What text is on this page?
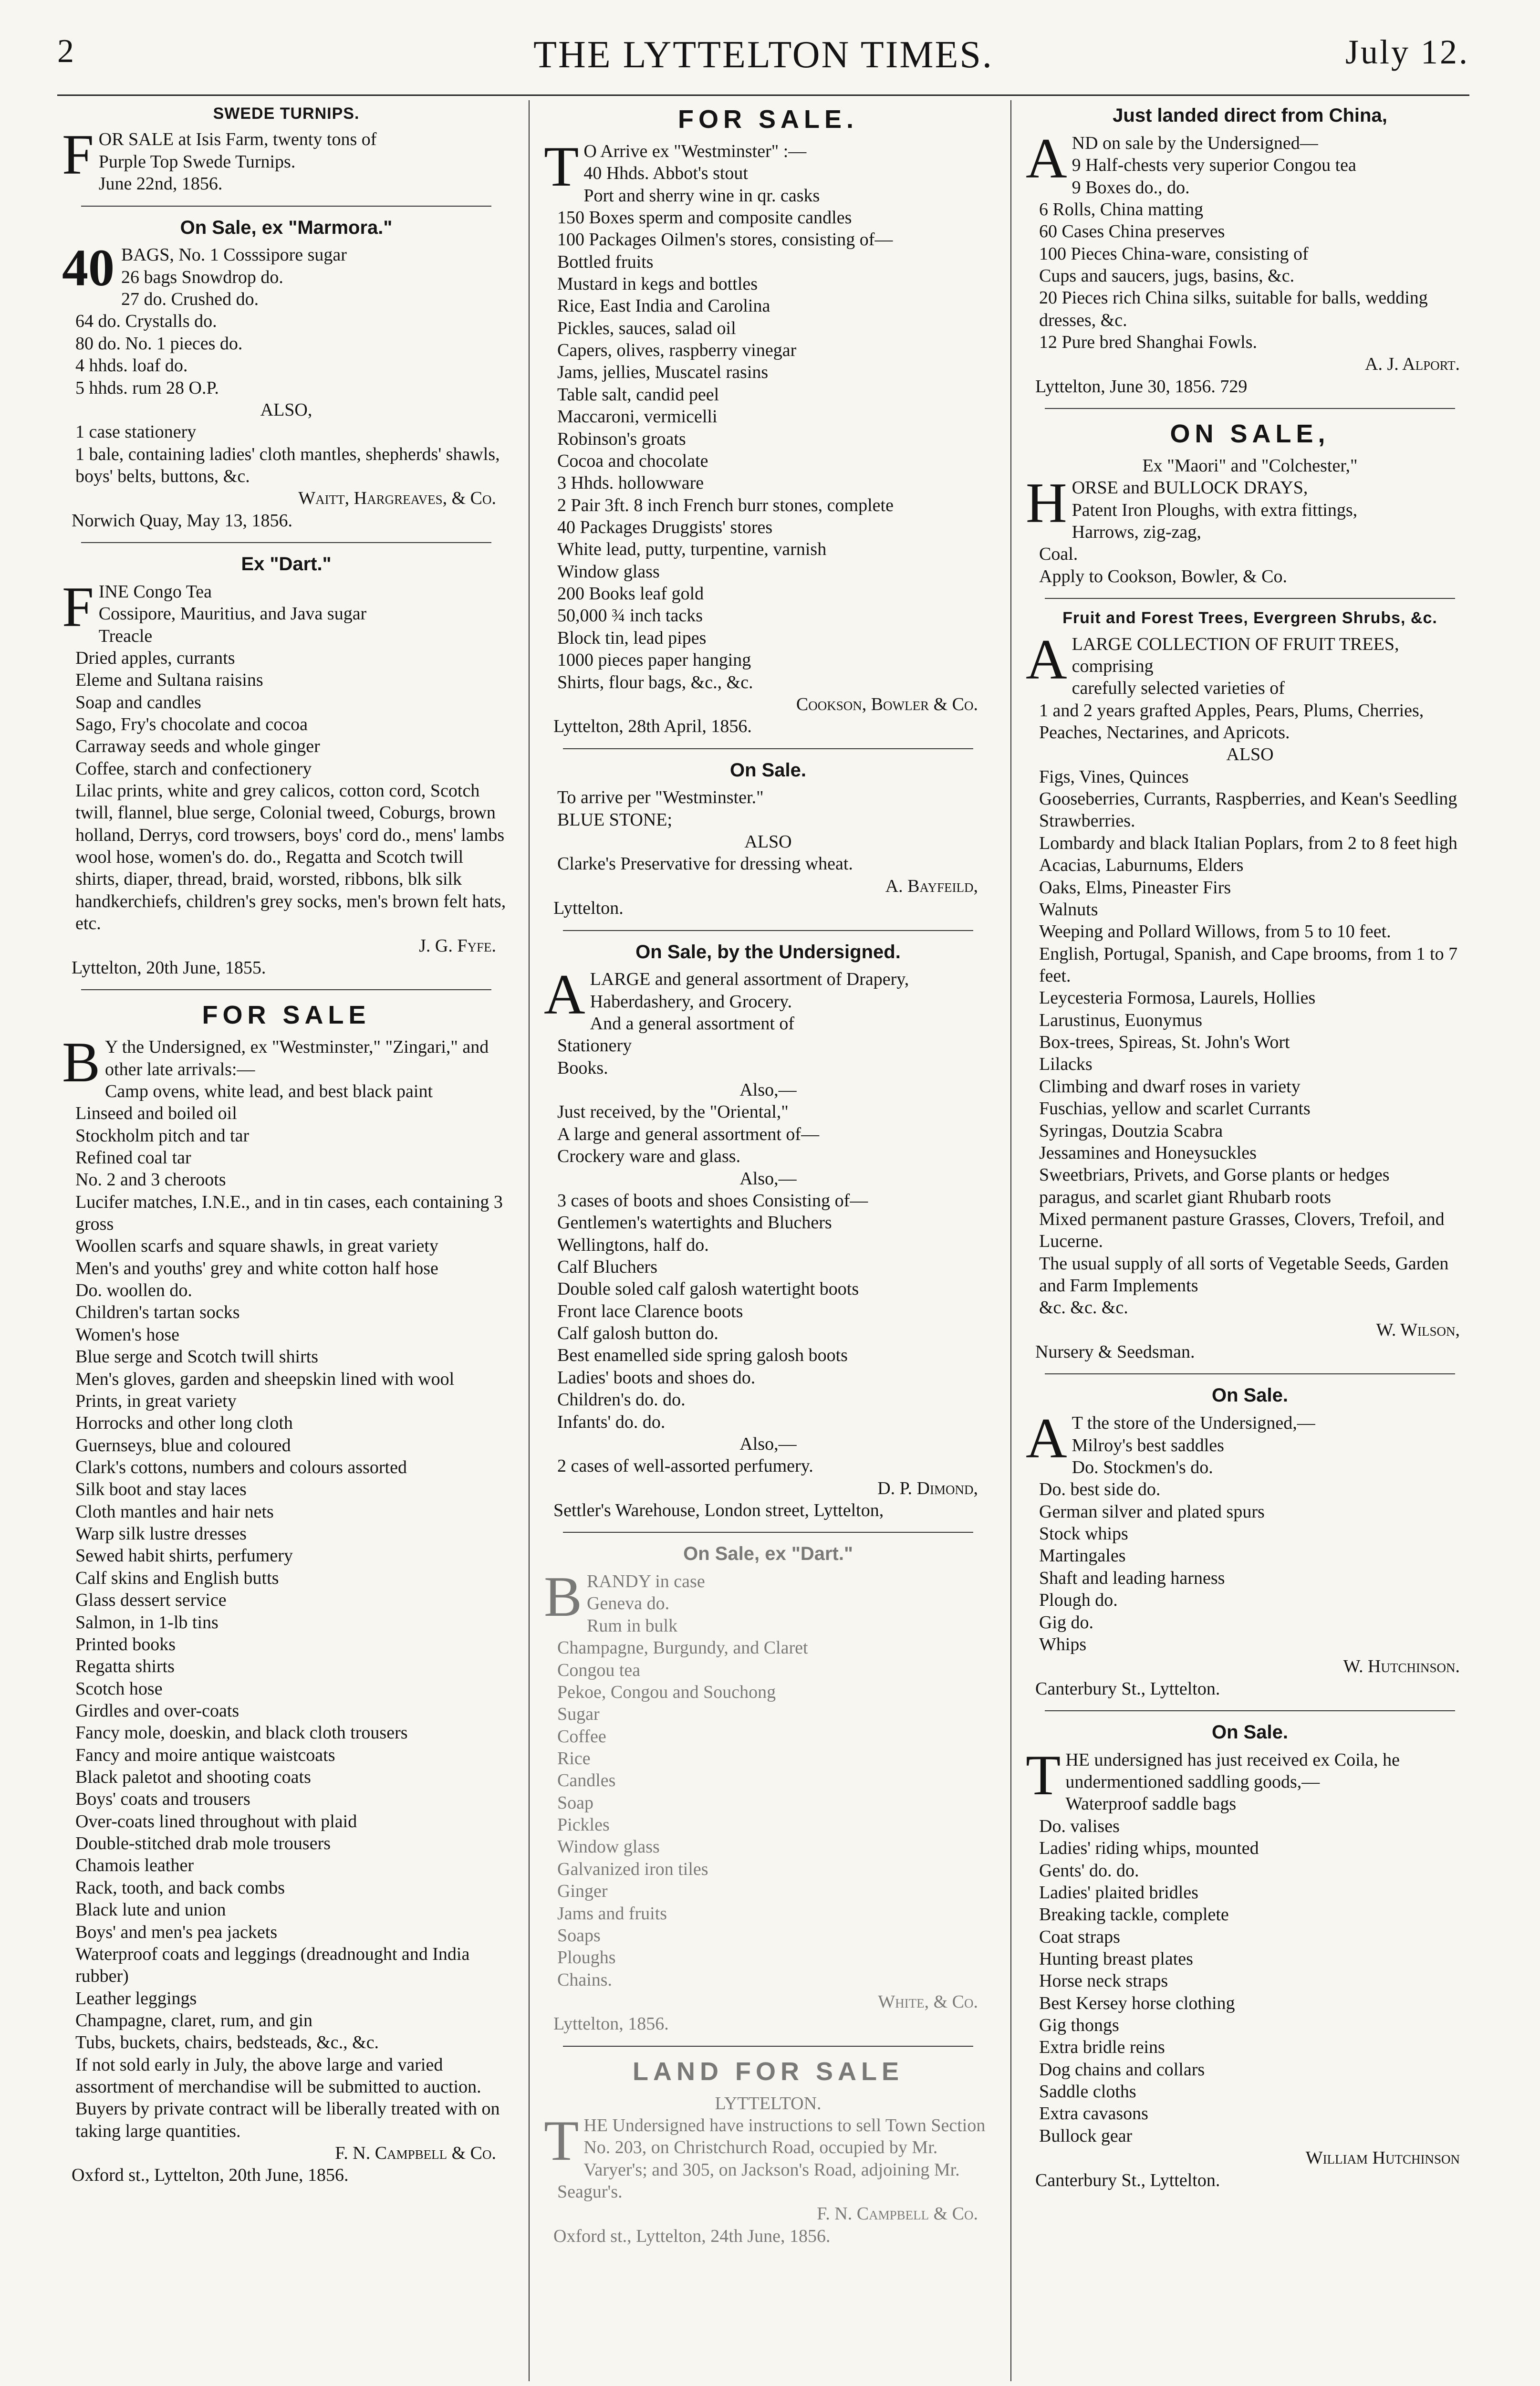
2	THE LYTTELTON TIMES.	July 12.
SWEDE TURNIPS.
F OR SALE at Isis Farm, twenty tons of
Purple Top Swede Turnips.
June 22nd, 1856.
On Sale, ex "Marmora."
40 BAGS, No. 1 Cosssipore sugar
26 bags Snowdrop do.
27 do. Crushed do.
64 do. Crystalls do.
80 do. No. 1 pieces do.
4 hhds. loaf do.
5 hhds. rum 28 O.P.
ALSO,
1 case stationery
1 bale, containing ladies' cloth mantles, shepherds' shawls, boys' belts, buttons, &c.
Waitt, Hargreaves, & Co.
Norwich Quay, May 13, 1856.
Ex "Dart."
F INE Congo Tea
Cossipore, Mauritius, and Java sugar
Treacle
Dried apples, currants
Eleme and Sultana raisins
Soap and candles
Sago, Fry's chocolate and cocoa
Carraway seeds and whole ginger
Coffee, starch and confectionery
Lilac prints, white and grey calicos, cotton cord, Scotch twill, flannel, blue serge, Colonial tweed, Coburgs, brown holland, Derrys, cord trowsers, boys' cord do., mens' lambs wool hose, women's do. do., Regatta and Scotch twill shirts, diaper, thread, braid, worsted, ribbons, blk silk handkerchiefs, children's grey socks, men's brown felt hats, etc.
J. G. Fyfe.
Lyttelton, 20th June, 1855.
FOR SALE
B Y the Undersigned, ex "Westminster," "Zingari," and other late arrivals:—
Camp ovens, white lead, and best black paint
Linseed and boiled oil
Stockholm pitch and tar
Refined coal tar
No. 2 and 3 cheroots
Lucifer matches, I.N.E., and in tin cases, each containing 3 gross
Woollen scarfs and square shawls, in great variety
Men's and youths' grey and white cotton half hose
Do. woollen do.
Children's tartan socks
Women's hose
Blue serge and Scotch twill shirts
Men's gloves, garden and sheepskin lined with wool
Prints, in great variety
Horrocks and other long cloth
Guernseys, blue and coloured
Clark's cottons, numbers and colours assorted
Silk boot and stay laces
Cloth mantles and hair nets
Warp silk lustre dresses
Sewed habit shirts, perfumery
Calf skins and English butts
Glass dessert service
Salmon, in 1-lb tins
Printed books
Regatta shirts
Scotch hose
Girdles and over-coats
Fancy mole, doeskin, and black cloth trousers
Fancy and moire antique waistcoats
Black paletot and shooting coats
Boys' coats and trousers
Over-coats lined throughout with plaid
Double-stitched drab mole trousers
Chamois leather
Rack, tooth, and back combs
Black lute and union
Boys' and men's pea jackets
Waterproof coats and leggings (dreadnought and India rubber)
Leather leggings
Champagne, claret, rum, and gin
Tubs, buckets, chairs, bedsteads, &c., &c.
If not sold early in July, the above large and varied assortment of merchandise will be submitted to auction.
Buyers by private contract will be liberally treated with on taking large quantities.
F. N. Campbell & Co.
Oxford st., Lyttelton, 20th June, 1856.
FOR SALE.
T O Arrive ex "Westminster" :—
40 Hhds. Abbot's stout
Port and sherry wine in qr. casks
150 Boxes sperm and composite candles
100 Packages Oilmen's stores, consisting of—
Bottled fruits
Mustard in kegs and bottles
Rice, East India and Carolina
Pickles, sauces, salad oil
Capers, olives, raspberry vinegar
Jams, jellies, Muscatel rasins
Table salt, candid peel
Maccaroni, vermicelli
Robinson's groats
Cocoa and chocolate
3 Hhds. hollowware
2 Pair 3ft. 8 inch French burr stones, complete
40 Packages Druggists' stores
White lead, putty, turpentine, varnish
Window glass
200 Books leaf gold
50,000 ¾ inch tacks
Block tin, lead pipes
1000 pieces paper hanging
Shirts, flour bags, &c., &c.
Cookson, Bowler & Co.
Lyttelton, 28th April, 1856.
On Sale.
To arrive per "Westminster."
BLUE STONE;
ALSO
Clarke's Preservative for dressing wheat.
A. Bayfeild,
Lyttelton.
On Sale, by the Undersigned.
A LARGE and general assortment of Drapery, Haberdashery, and Grocery.
And a general assortment of
Stationery
Books.
Also,—
Just received, by the "Oriental,"
A large and general assortment of—
Crockery ware and glass.
Also,—
3 cases of boots and shoes Consisting of—
Gentlemen's watertights and Bluchers
Wellingtons, half do.
Calf Bluchers
Double soled calf galosh watertight boots
Front lace Clarence boots
Calf galosh button do.
Best enamelled side spring galosh boots
Ladies' boots and shoes do.
Children's do. do.
Infants' do. do.
Also,—
2 cases of well-assorted perfumery.
D. P. Dimond,
Settler's Warehouse, London street, Lyttelton,
On Sale, ex "Dart."
B RANDY in case
Geneva do.
Rum in bulk
Champagne, Burgundy, and Claret
Congou tea
Pekoe, Congou and Souchong
Sugar
Coffee
Rice
Candles
Soap
Pickles
Window glass
Galvanized iron tiles
Ginger
Jams and fruits
Soaps
Ploughs
Chains.
White, & Co.
Lyttelton, 1856.
LAND FOR SALE
LYTTELTON.
T HE Undersigned have instructions to sell Town Section No. 203, on Christchurch Road, occupied by Mr. Varyer's; and 305, on Jackson's Road, adjoining Mr. Seagur's.
F. N. Campbell & Co.
Oxford st., Lyttelton, 24th June, 1856.
Just landed direct from China,
A ND on sale by the Undersigned—
9 Half-chests very superior Congou tea
9 Boxes do., do.
6 Rolls, China matting
60 Cases China preserves
100 Pieces China-ware, consisting of
Cups and saucers, jugs, basins, &c.
20 Pieces rich China silks, suitable for balls, wedding dresses, &c.
12 Pure bred Shanghai Fowls.
A. J. Alport.
Lyttelton, June 30, 1856. 729
ON SALE,
Ex "Maori" and "Colchester,"
H ORSE and BULLOCK DRAYS,
Patent Iron Ploughs, with extra fittings,
Harrows, zig-zag,
Coal.
Apply to Cookson, Bowler, & Co.
Fruit and Forest Trees, Evergreen Shrubs, &c.
A LARGE COLLECTION OF FRUIT TREES, comprising
carefully selected varieties of
1 and 2 years grafted Apples, Pears, Plums, Cherries,
Peaches, Nectarines, and Apricots.
ALSO
Figs, Vines, Quinces
Gooseberries, Currants, Raspberries, and Kean's Seedling Strawberries.
Lombardy and black Italian Poplars, from 2 to 8 feet high
Acacias, Laburnums, Elders
Oaks, Elms, Pineaster Firs
Walnuts
Weeping and Pollard Willows, from 5 to 10 feet.
English, Portugal, Spanish, and Cape brooms, from 1 to 7 feet.
Leycesteria Formosa, Laurels, Hollies
Larustinus, Euonymus
Box-trees, Spireas, St. John's Wort
Lilacks
Climbing and dwarf roses in variety
Fuschias, yellow and scarlet Currants
Syringas, Doutzia Scabra
Jessamines and Honeysuckles
Sweetbriars, Privets, and Gorse plants or hedges
paragus, and scarlet giant Rhubarb roots
Mixed permanent pasture Grasses, Clovers, Trefoil, and Lucerne.
The usual supply of all sorts of Vegetable Seeds, Garden and Farm Implements
&c. &c. &c.
W. Wilson,
Nursery & Seedsman.
On Sale.
A T the store of the Undersigned,—
Milroy's best saddles
Do. Stockmen's do.
Do. best side do.
German silver and plated spurs
Stock whips
Martingales
Shaft and leading harness
Plough do.
Gig do.
Whips
W. Hutchinson.
Canterbury St., Lyttelton.
On Sale.
T HE undersigned has just received ex Coila, he undermentioned saddling goods,—
Waterproof saddle bags
Do. valises
Ladies' riding whips, mounted
Gents' do. do.
Ladies' plaited bridles
Breaking tackle, complete
Coat straps
Hunting breast plates
Horse neck straps
Best Kersey horse clothing
Gig thongs
Extra bridle reins
Dog chains and collars
Saddle cloths
Extra cavasons
Bullock gear
William Hutchinson
Canterbury St., Lyttelton.
